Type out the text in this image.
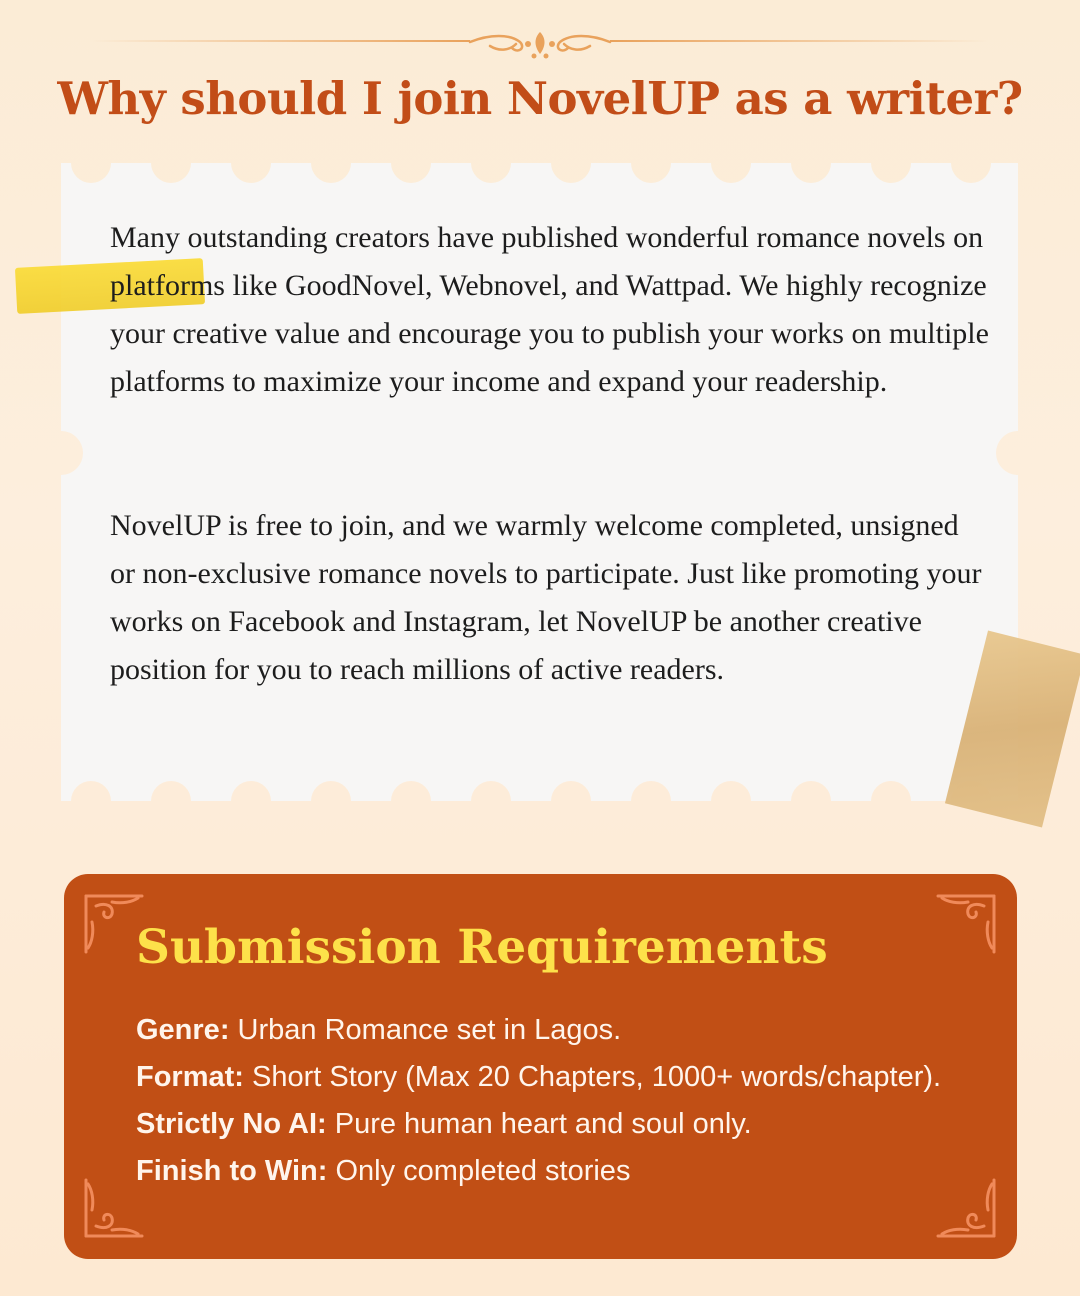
Why should I join NovelUP as a writer?

Many outstanding creators have published wonderful romance novels on platforms like GoodNovel, Webnovel, and Wattpad. We highly recognize your creative value and encourage you to publish your works on multiple platforms to maximize your income and expand your readership.

NovelUP is free to join, and we warmly welcome completed, unsigned or non-exclusive romance novels to participate. Just like promoting your works on Facebook and Instagram, let NovelUP be another creative position for you to reach millions of active readers.

Submission Requirements
Genre: Urban Romance set in Lagos.
Format: Short Story (Max 20 Chapters, 1000+ words/chapter).
Strictly No AI: Pure human heart and soul only.
Finish to Win: Only completed stories
